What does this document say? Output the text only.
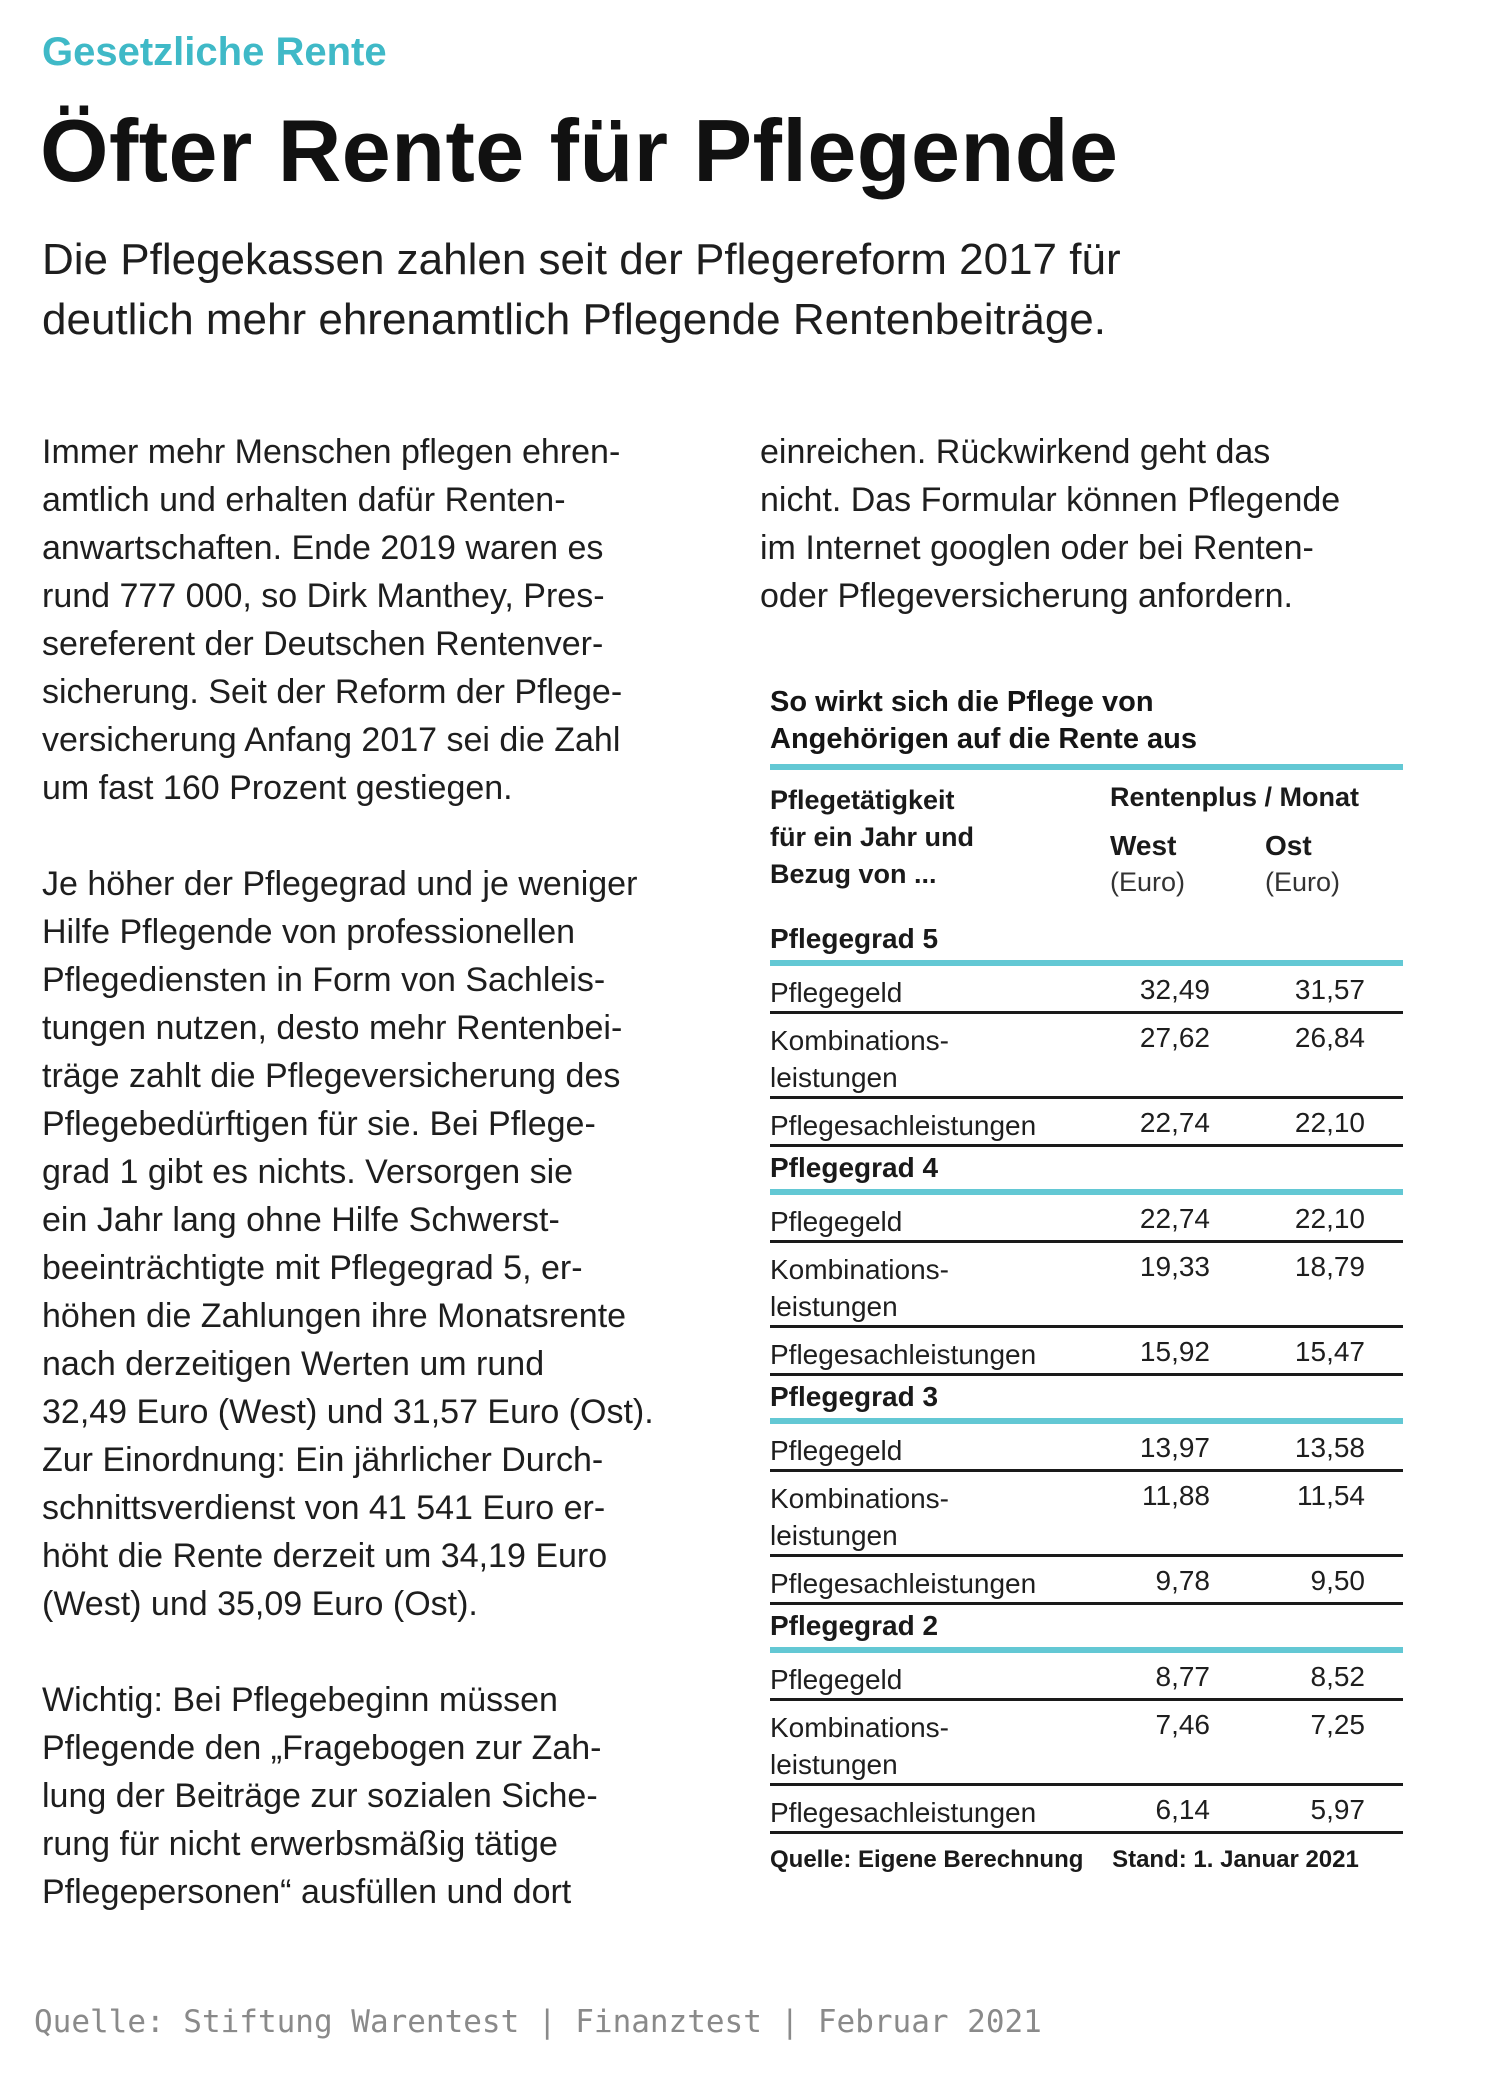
Gesetzliche Rente
Öfter Rente für Pflegende
Die Pflegekassen zahlen seit der Pflegereform 2017 für
deutlich mehr ehrenamtlich Pflegende Rentenbeiträge.
Immer mehr Menschen pflegen ehren-
amtlich und erhalten dafür Renten-
anwartschaften. Ende 2019 waren es
rund 777 000, so Dirk Manthey, Pres-
sereferent der Deutschen Rentenver-
sicherung. Seit der Reform der Pflege-
versicherung Anfang 2017 sei die Zahl
um fast 160 Prozent gestiegen.
Je höher der Pflegegrad und je weniger
Hilfe Pflegende von professionellen
Pflegediensten in Form von Sachleis-
tungen nutzen, desto mehr Rentenbei-
träge zahlt die Pflegeversicherung des
Pflegebedürftigen für sie. Bei Pflege-
grad 1 gibt es nichts. Versorgen sie
ein Jahr lang ohne Hilfe Schwerst-
beeinträchtigte mit Pflegegrad 5, er-
höhen die Zahlungen ihre Monatsrente
nach derzeitigen Werten um rund
32,49 Euro (West) und 31,57 Euro (Ost).
Zur Einordnung: Ein jährlicher Durch-
schnittsverdienst von 41 541 Euro er-
höht die Rente derzeit um 34,19 Euro
(West) und 35,09 Euro (Ost).
Wichtig: Bei Pflegebeginn müssen
Pflegende den „Fragebogen zur Zah-
lung der Beiträge zur sozialen Siche-
rung für nicht erwerbsmäßig tätige
Pflegepersonen“ ausfüllen und dort
einreichen. Rückwirkend geht das
nicht. Das Formular können Pflegende
im Internet googlen oder bei Renten-
oder Pflegeversicherung anfordern.
So wirkt sich die Pflege von
Angehörigen auf die Rente aus
Pflegetätigkeit
für ein Jahr und
Bezug von ...
Rentenplus / Monat
West	Ost
(Euro)	(Euro)
Pflegegrad 5
Pflegegeld	32,49	31,57
Kombinations-
leistungen
27,62	26,84
Pflegesachleistungen	22,74	22,10
Pflegegrad 4
Pflegegeld	22,74	22,10
Kombinations-
leistungen
19,33	18,79
Pflegesachleistungen	15,92	15,47
Pflegegrad 3
Pflegegeld	13,97	13,58
Kombinations-
leistungen
11,88	11,54
Pflegesachleistungen	9,78	9,50
Pflegegrad 2
Pflegegeld	8,77	8,52
Kombinations-
leistungen
7,46	7,25
Pflegesachleistungen	6,14	5,97
Quelle: Eigene Berechnung Stand: 1. Januar 2021
Quelle: Stiftung Warentest | Finanztest | Februar 2021
